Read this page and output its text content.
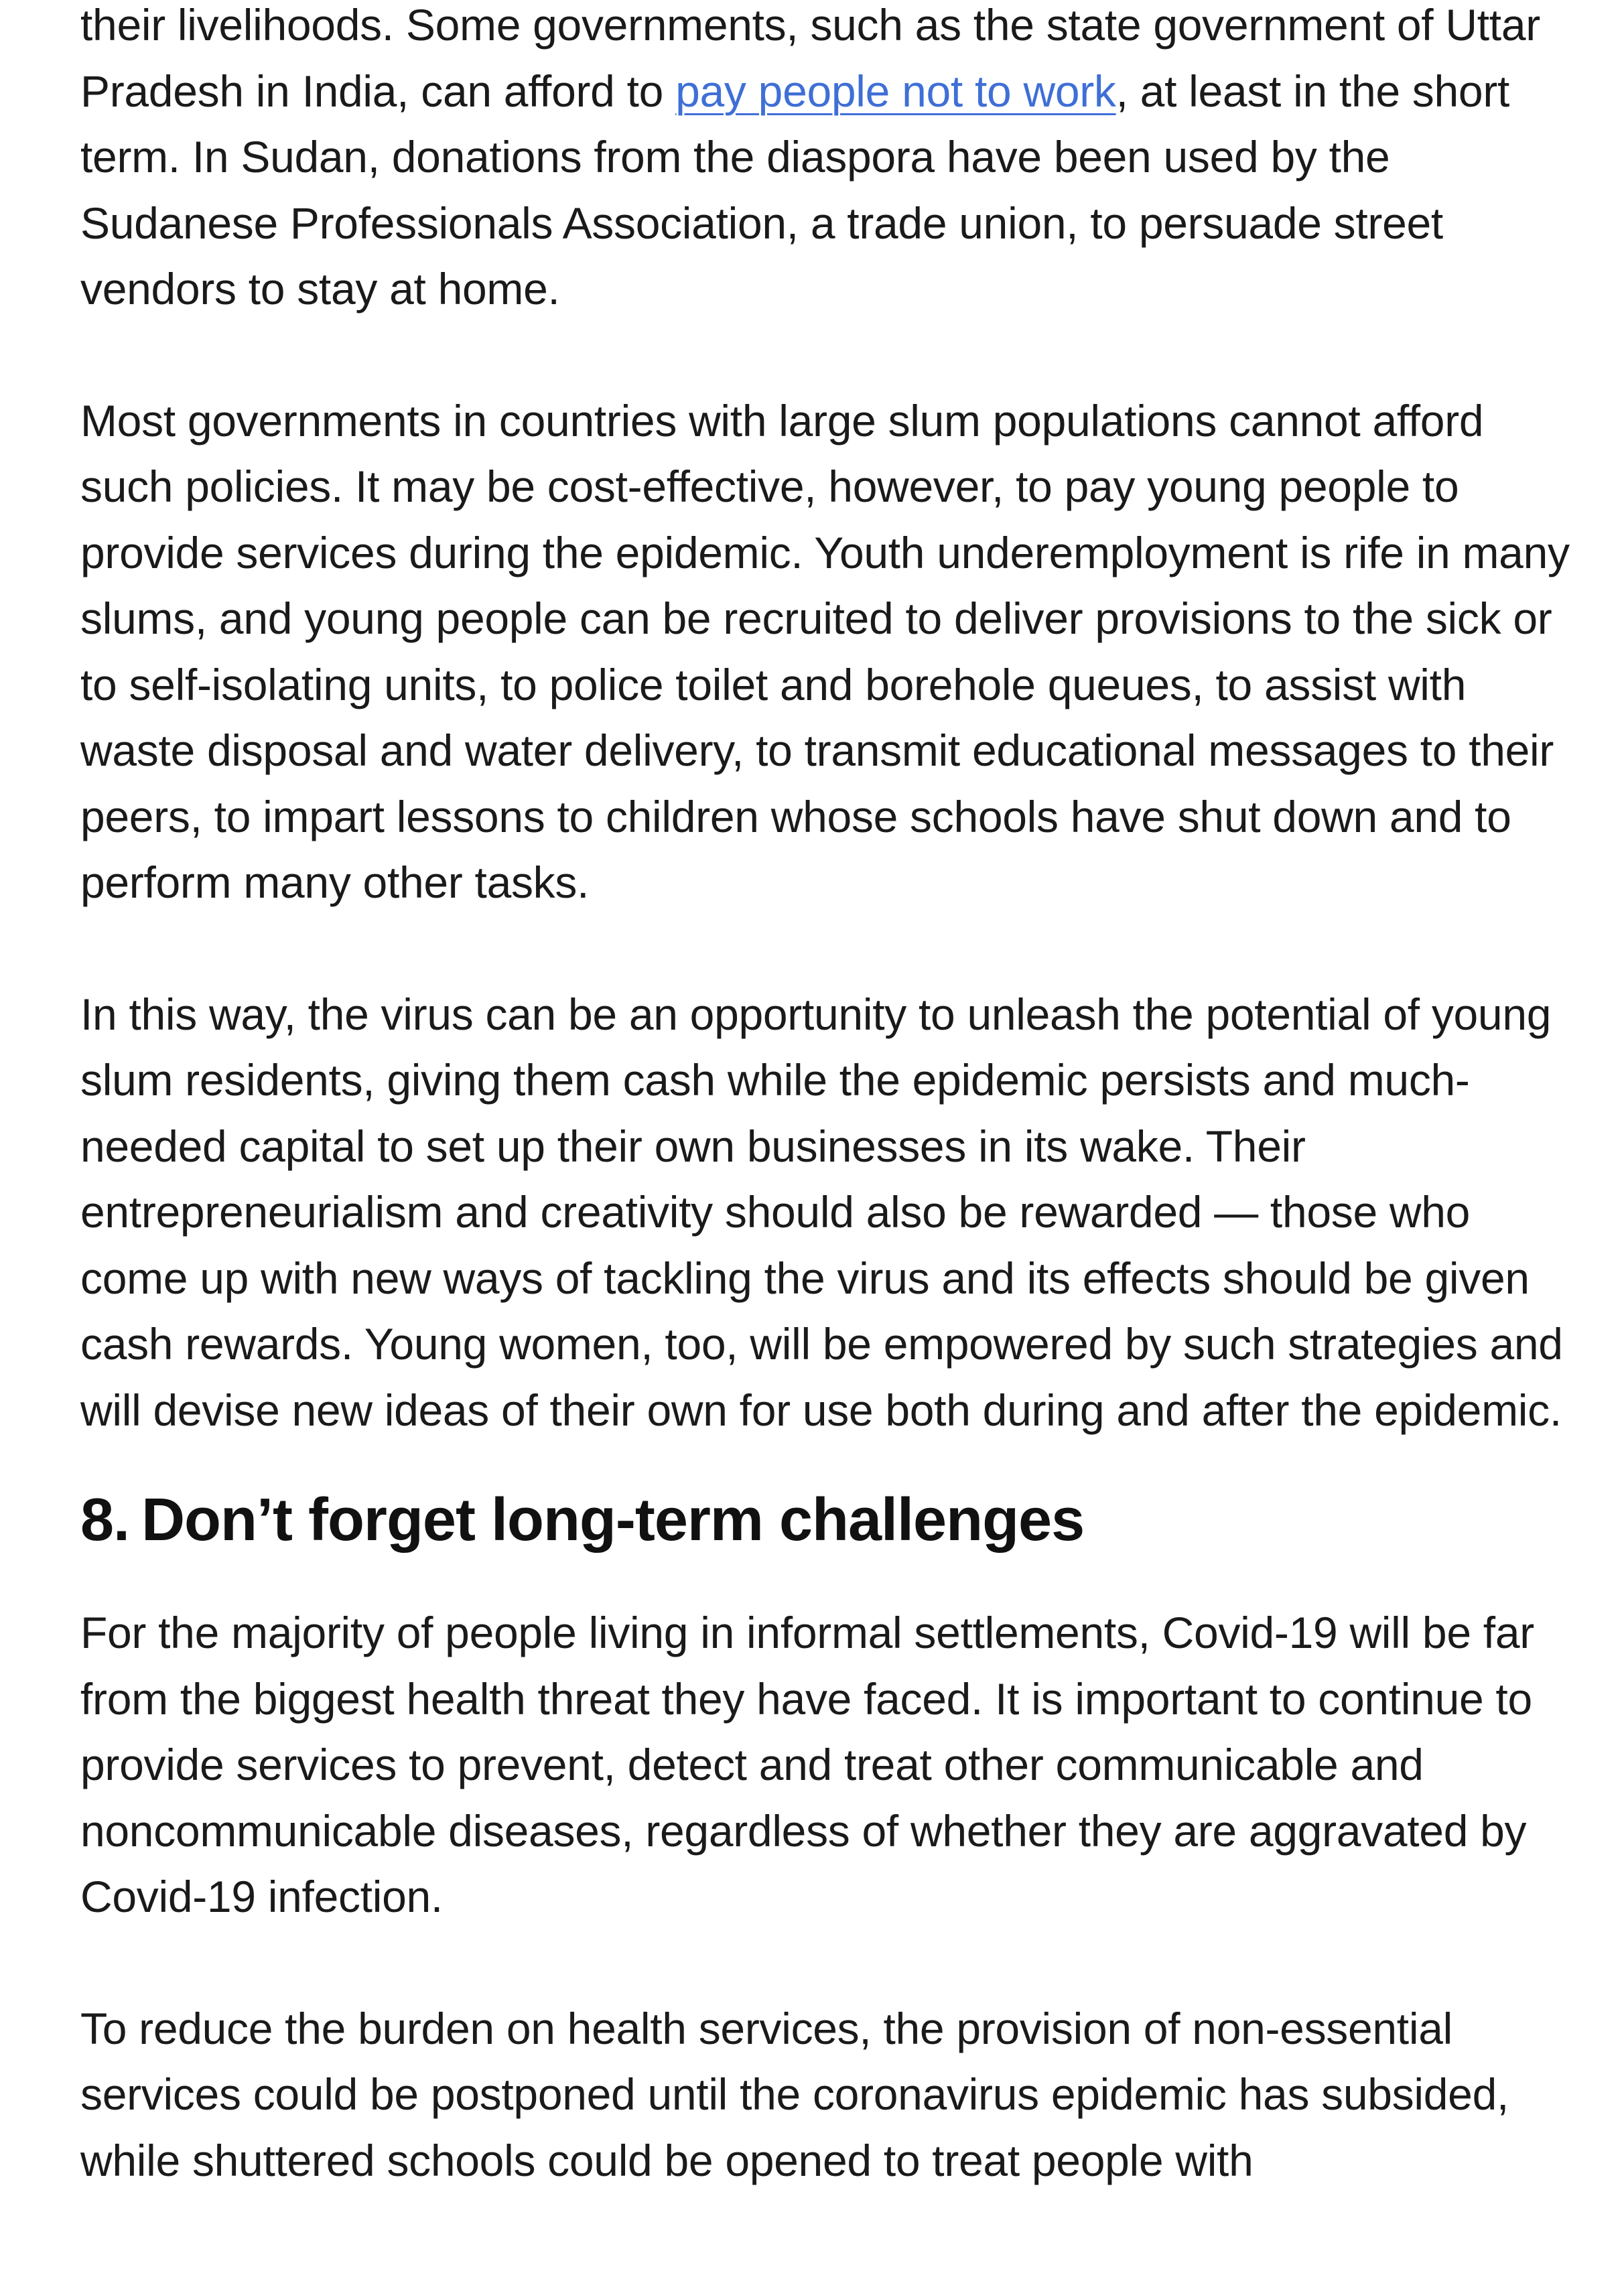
their livelihoods. Some governments, such as the state government of Uttar Pradesh in India, can afford to pay people not to work, at least in the short term. In Sudan, donations from the diaspora have been used by the Sudanese Professionals Association, a trade union, to persuade street vendors to stay at home.

Most governments in countries with large slum populations cannot afford such policies. It may be cost-effective, however, to pay young people to provide services during the epidemic. Youth underemployment is rife in many slums, and young people can be recruited to deliver provisions to the sick or to self-isolating units, to police toilet and borehole queues, to assist with waste disposal and water delivery, to transmit educational messages to their peers, to impart lessons to children whose schools have shut down and to perform many other tasks.

In this way, the virus can be an opportunity to unleash the potential of young slum residents, giving them cash while the epidemic persists and much-needed capital to set up their own businesses in its wake. Their entrepreneurialism and creativity should also be rewarded — those who come up with new ways of tackling the virus and its effects should be given cash rewards. Young women, too, will be empowered by such strategies and will devise new ideas of their own for use both during and after the epidemic.

8. Don’t forget long-term challenges

For the majority of people living in informal settlements, Covid-19 will be far from the biggest health threat they have faced. It is important to continue to provide services to prevent, detect and treat other communicable and noncommunicable diseases, regardless of whether they are aggravated by Covid-19 infection.

To reduce the burden on health services, the provision of non-essential services could be postponed until the coronavirus epidemic has subsided, while shuttered schools could be opened to treat people with
